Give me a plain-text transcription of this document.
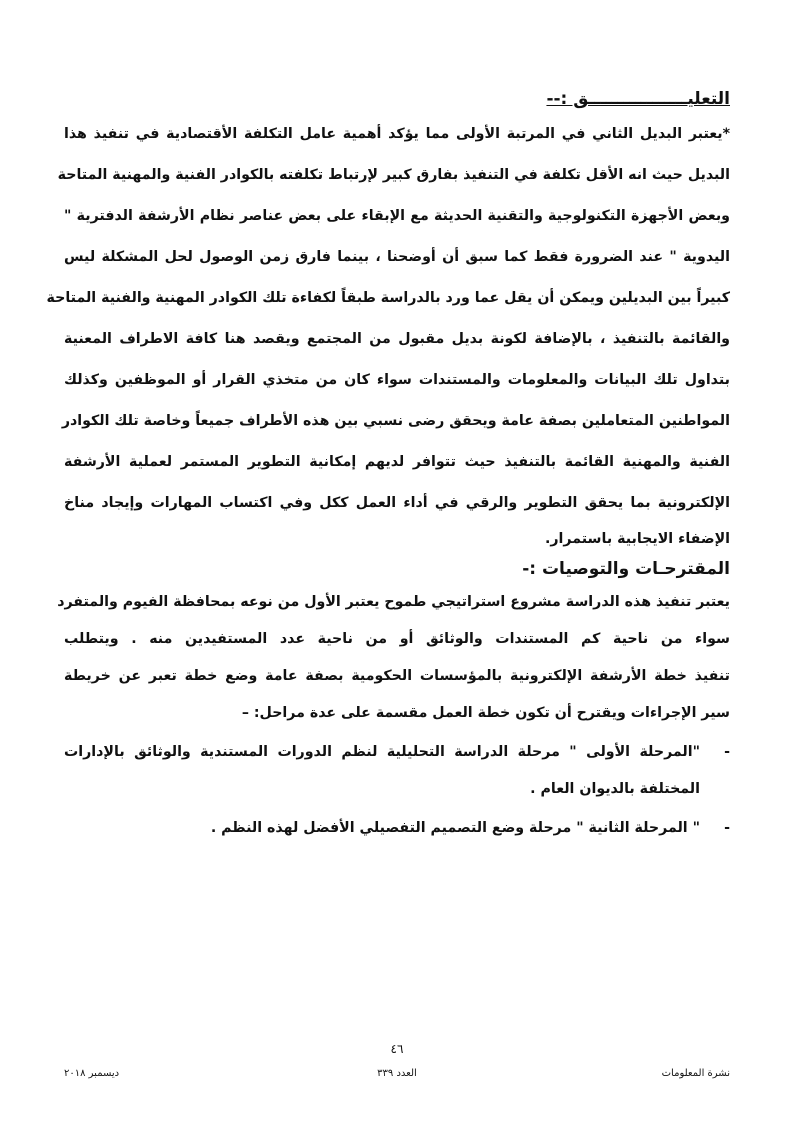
التعليـــــــــــــــــق :--
*يعتبر البديل الثاني في المرتبة الأولى مما يؤكد أهمية عامل التكلفة الأقتصادية في تنفيذ هذا
البديل حيث انه الأقل تكلفة في التنفيذ بفارق كبير لإرتباط تكلفته بالكوادر الفنية والمهنية المتاحة
وبعض الأجهزة التكنولوجية والتقنية الحديثة مع الإبقاء على بعض عناصر نظام الأرشفة الدفترية "
اليدوية " عند الضرورة فقط كما سبق أن أوضحنا ، بينما فارق زمن الوصول لحل المشكلة ليس
كبيراً بين البديلين ويمكن أن يقل عما ورد بالدراسة طبقاً لكفاءة تلك الكوادر المهنية والفنية المتاحة
والقائمة بالتنفيذ ، بالإضافة لكونة بديل مقبول من المجتمع ويقصد هنا كافة الاطراف المعنية
بتداول تلك البيانات والمعلومات والمستندات سواء كان من متخذي القرار أو الموظفين وكذلك
المواطنين المتعاملين بصفة عامة ويحقق رضى نسبي بين هذه الأطراف جميعاً وخاصة تلك الكوادر
الفنية والمهنية القائمة بالتنفيذ حيث تتوافر لديهم إمكانية التطوير المستمر لعملية الأرشفة
الإلكترونية بما يحقق التطوير والرقي في أداء العمل ككل وفي اكتساب المهارات وإيجاد مناخ
الإضفاء الايجابية باستمرار.
المقترحـات والتوصيات :-
يعتبر تنفيذ هذه الدراسة مشروع استراتيجي طموح يعتبر الأول من نوعه بمحافظة الفيوم والمتفرد
سواء من ناحية كم المستندات والوثائق أو من ناحية عدد المستفيدين منه . ويتطلب
تنفيذ خطة الأرشفة الإلكترونية بالمؤسسات الحكومية بصفة عامة وضع خطة تعبر عن خريطة
سير الإجراءات ويقترح أن تكون خطة العمل مقسمة على عدة مراحل: –
-
"المرحلة الأولى " مرحلة الدراسة التحليلية لنظم الدورات المستندية والوثائق بالإدارات
المختلفة بالديوان العام .
-
" المرحلة الثانية " مرحلة وضع التصميم التفصيلي الأفضل لهذه النظم .
٤٦
نشرة المعلومات
العدد ٣٣٩
ديسمبر ٢٠١٨
